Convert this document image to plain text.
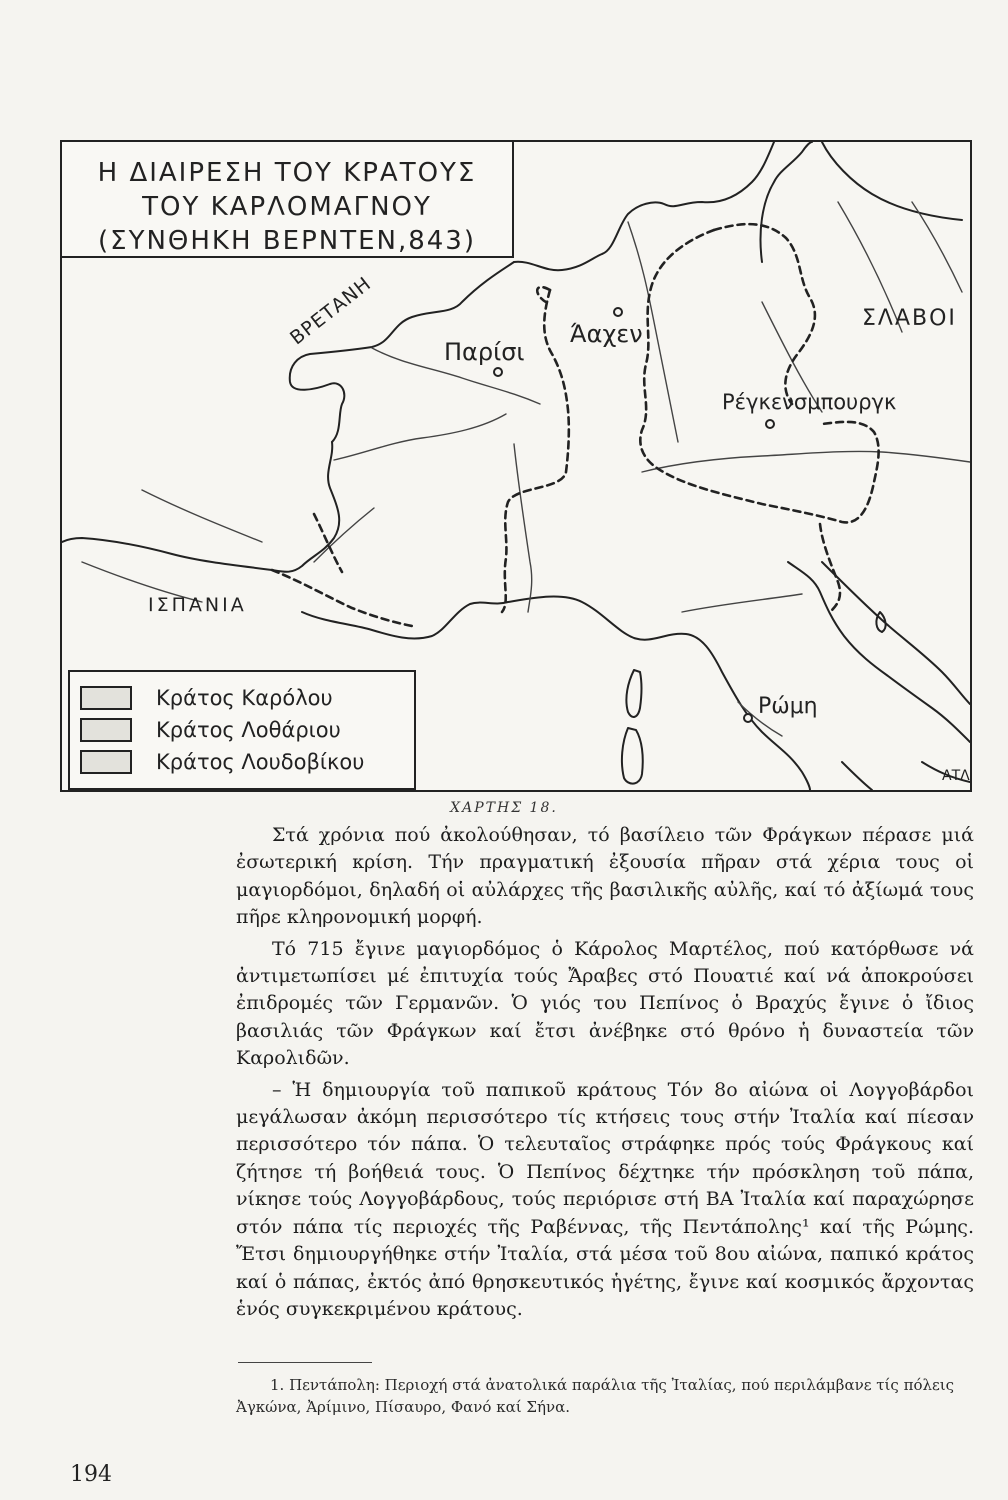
Η ΔΙΑΙΡΕΣΗ ΤΟΥ ΚΡΑΤΟΥΣ
ΤΟΥ ΚΑΡΛΟΜΑΓΝΟΥ
(ΣΥΝΘΗΚΗ ΒΕΡΝΤΕΝ,843)
ΒΡΕΤΑΝΗ
Παρίσι
Άαχεν
ΣΛΑΒΟΙ
Ρέγκενσμπουργκ
ΙΣΠΑΝΙΑ
Ρώμη
ΑΤΛ
Κράτος Καρόλου
Κράτος Λοθάριου
Κράτος Λουδοβίκου
ΧΑΡΤΗΣ 18.

Στά χρόνια πού ἀκολούθησαν, τό βασίλειο τῶν Φράγκων πέρασε μιά ἐσωτερική κρίση. Τήν πραγματική ἐξουσία πῆραν στά χέρια τους οἱ μαγιορδόμοι, δηλαδή οἱ αὐλάρχες τῆς βασιλικῆς αὐλῆς, καί τό ἀξίωμά τους πῆρε κληρονομική μορφή.

Τό 715 ἔγινε μαγιορδόμος ὁ Κάρολος Μαρτέλος, πού κατόρθωσε νά ἀντιμετωπίσει μέ ἐπιτυχία τούς Ἄραβες στό Πουατιέ καί νά ἀποκρούσει ἐπιδρομές τῶν Γερμανῶν. Ὁ γιός του Πεπίνος ὁ Βραχύς ἔγινε ὁ ἴδιος βασιλιάς τῶν Φράγκων καί ἔτσι ἀνέβηκε στό θρόνο ἡ δυναστεία τῶν Καρολιδῶν.

– Ἡ δημιουργία τοῦ παπικοῦ κράτους Τόν 8ο αἰώνα οἱ Λογγοβάρδοι μεγάλωσαν ἀκόμη περισσότερο τίς κτήσεις τους στήν Ἰταλία καί πίεσαν περισσότερο τόν πάπα. Ὁ τελευταῖος στράφηκε πρός τούς Φράγκους καί ζήτησε τή βοήθειά τους. Ὁ Πεπίνος δέχτηκε τήν πρόσκληση τοῦ πάπα, νίκησε τούς Λογγοβάρδους, τούς περιόρισε στή ΒΑ Ἰταλία καί παραχώρησε στόν πάπα τίς περιοχές τῆς Ραβέννας, τῆς Πεντάπολης¹ καί τῆς Ρώμης. Ἔτσι δημιουργήθηκε στήν Ἰταλία, στά μέσα τοῦ 8ου αἰώνα, παπικό κράτος καί ὁ πάπας, ἐκτός ἀπό θρησκευτικός ἡγέτης, ἔγινε καί κοσμικός ἄρχοντας ἑνός συγκεκριμένου κράτους.

1. Πεντάπολη: Περιοχή στά ἀνατολικά παράλια τῆς Ἰταλίας, πού περιλάμβανε τίς πόλεις Ἀγκώνα, Ἀρίμινο, Πίσαυρο, Φανό καί Σήνα.

194
